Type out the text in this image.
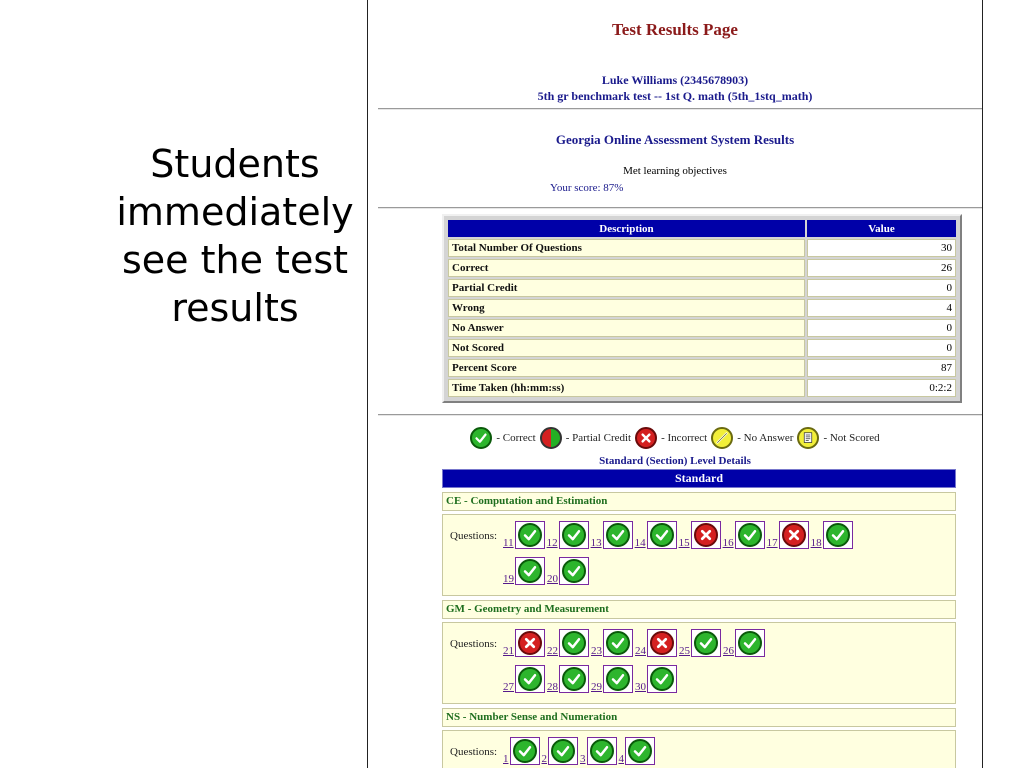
Students immediately see the test results
Test Results Page
Luke Williams (2345678903)
5th gr benchmark test -- 1st Q. math (5th_1stq_math)
Georgia Online Assessment System Results
Met learning objectives
Your score: 87%
Description	Value
Total Number Of Questions	30
Correct	26
Partial Credit	0
Wrong	4
No Answer	0
Not Scored	0
Percent Score	87
Time Taken (hh:mm:ss)	0:2:2
- Correct	- Partial Credit	- Incorrect	- No Answer	- Not Scored
Standard (Section) Level Details
Standard
CE - Computation and Estimation
Questions:
11	12	13	14	15	16	17	18
19	20
GM - Geometry and Measurement
Questions:
21	22	23	24	25	26
27	28	29	30
NS - Number Sense and Numeration
Questions:
1	2	3	4
